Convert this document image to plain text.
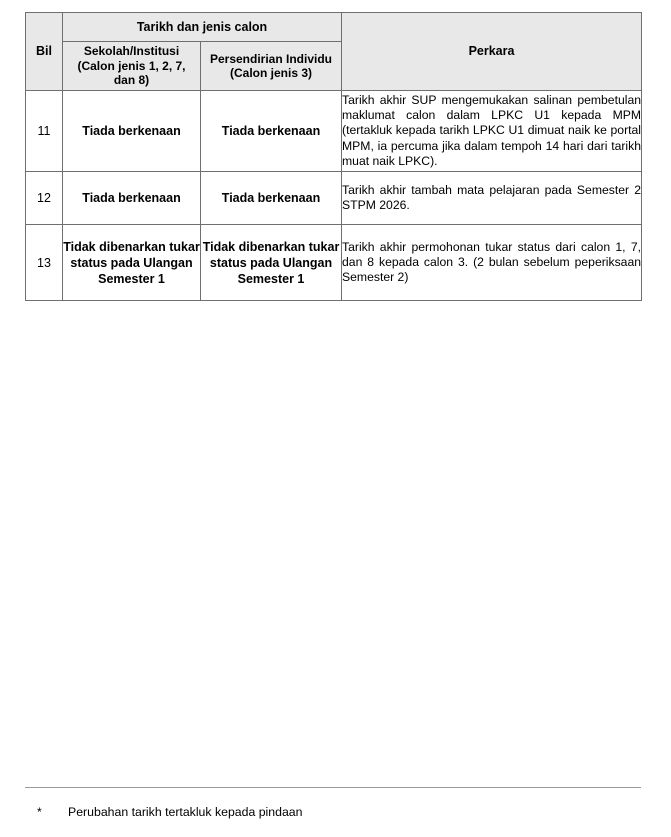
Bil	Tarikh dan jenis calon		Perkara
	Sekolah/Institusi
(Calon jenis 1, 2, 7,
dan 8)	Persendirian Individu
(Calon jenis 3)	
11	Tiada berkenaan	Tiada berkenaan	Tarikh akhir SUP mengemukakan salinan pembetulan maklumat calon dalam LPKC U1 kepada MPM (tertakluk kepada tarikh LPKC U1 dimuat naik ke portal MPM, ia percuma jika dalam tempoh 14 hari dari tarikh muat naik LPKC).
12	Tiada berkenaan	Tiada berkenaan	Tarikh akhir tambah mata pelajaran pada Semester 2 STPM 2026.
13	Tidak dibenarkan tukar status pada Ulangan Semester 1	Tidak dibenarkan tukar status pada Ulangan Semester 1	Tarikh akhir permohonan tukar status dari calon 1, 7, dan 8 kepada calon 3. (2 bulan sebelum peperiksaan Semester 2)
* Perubahan tarikh tertakluk kepada pindaan
